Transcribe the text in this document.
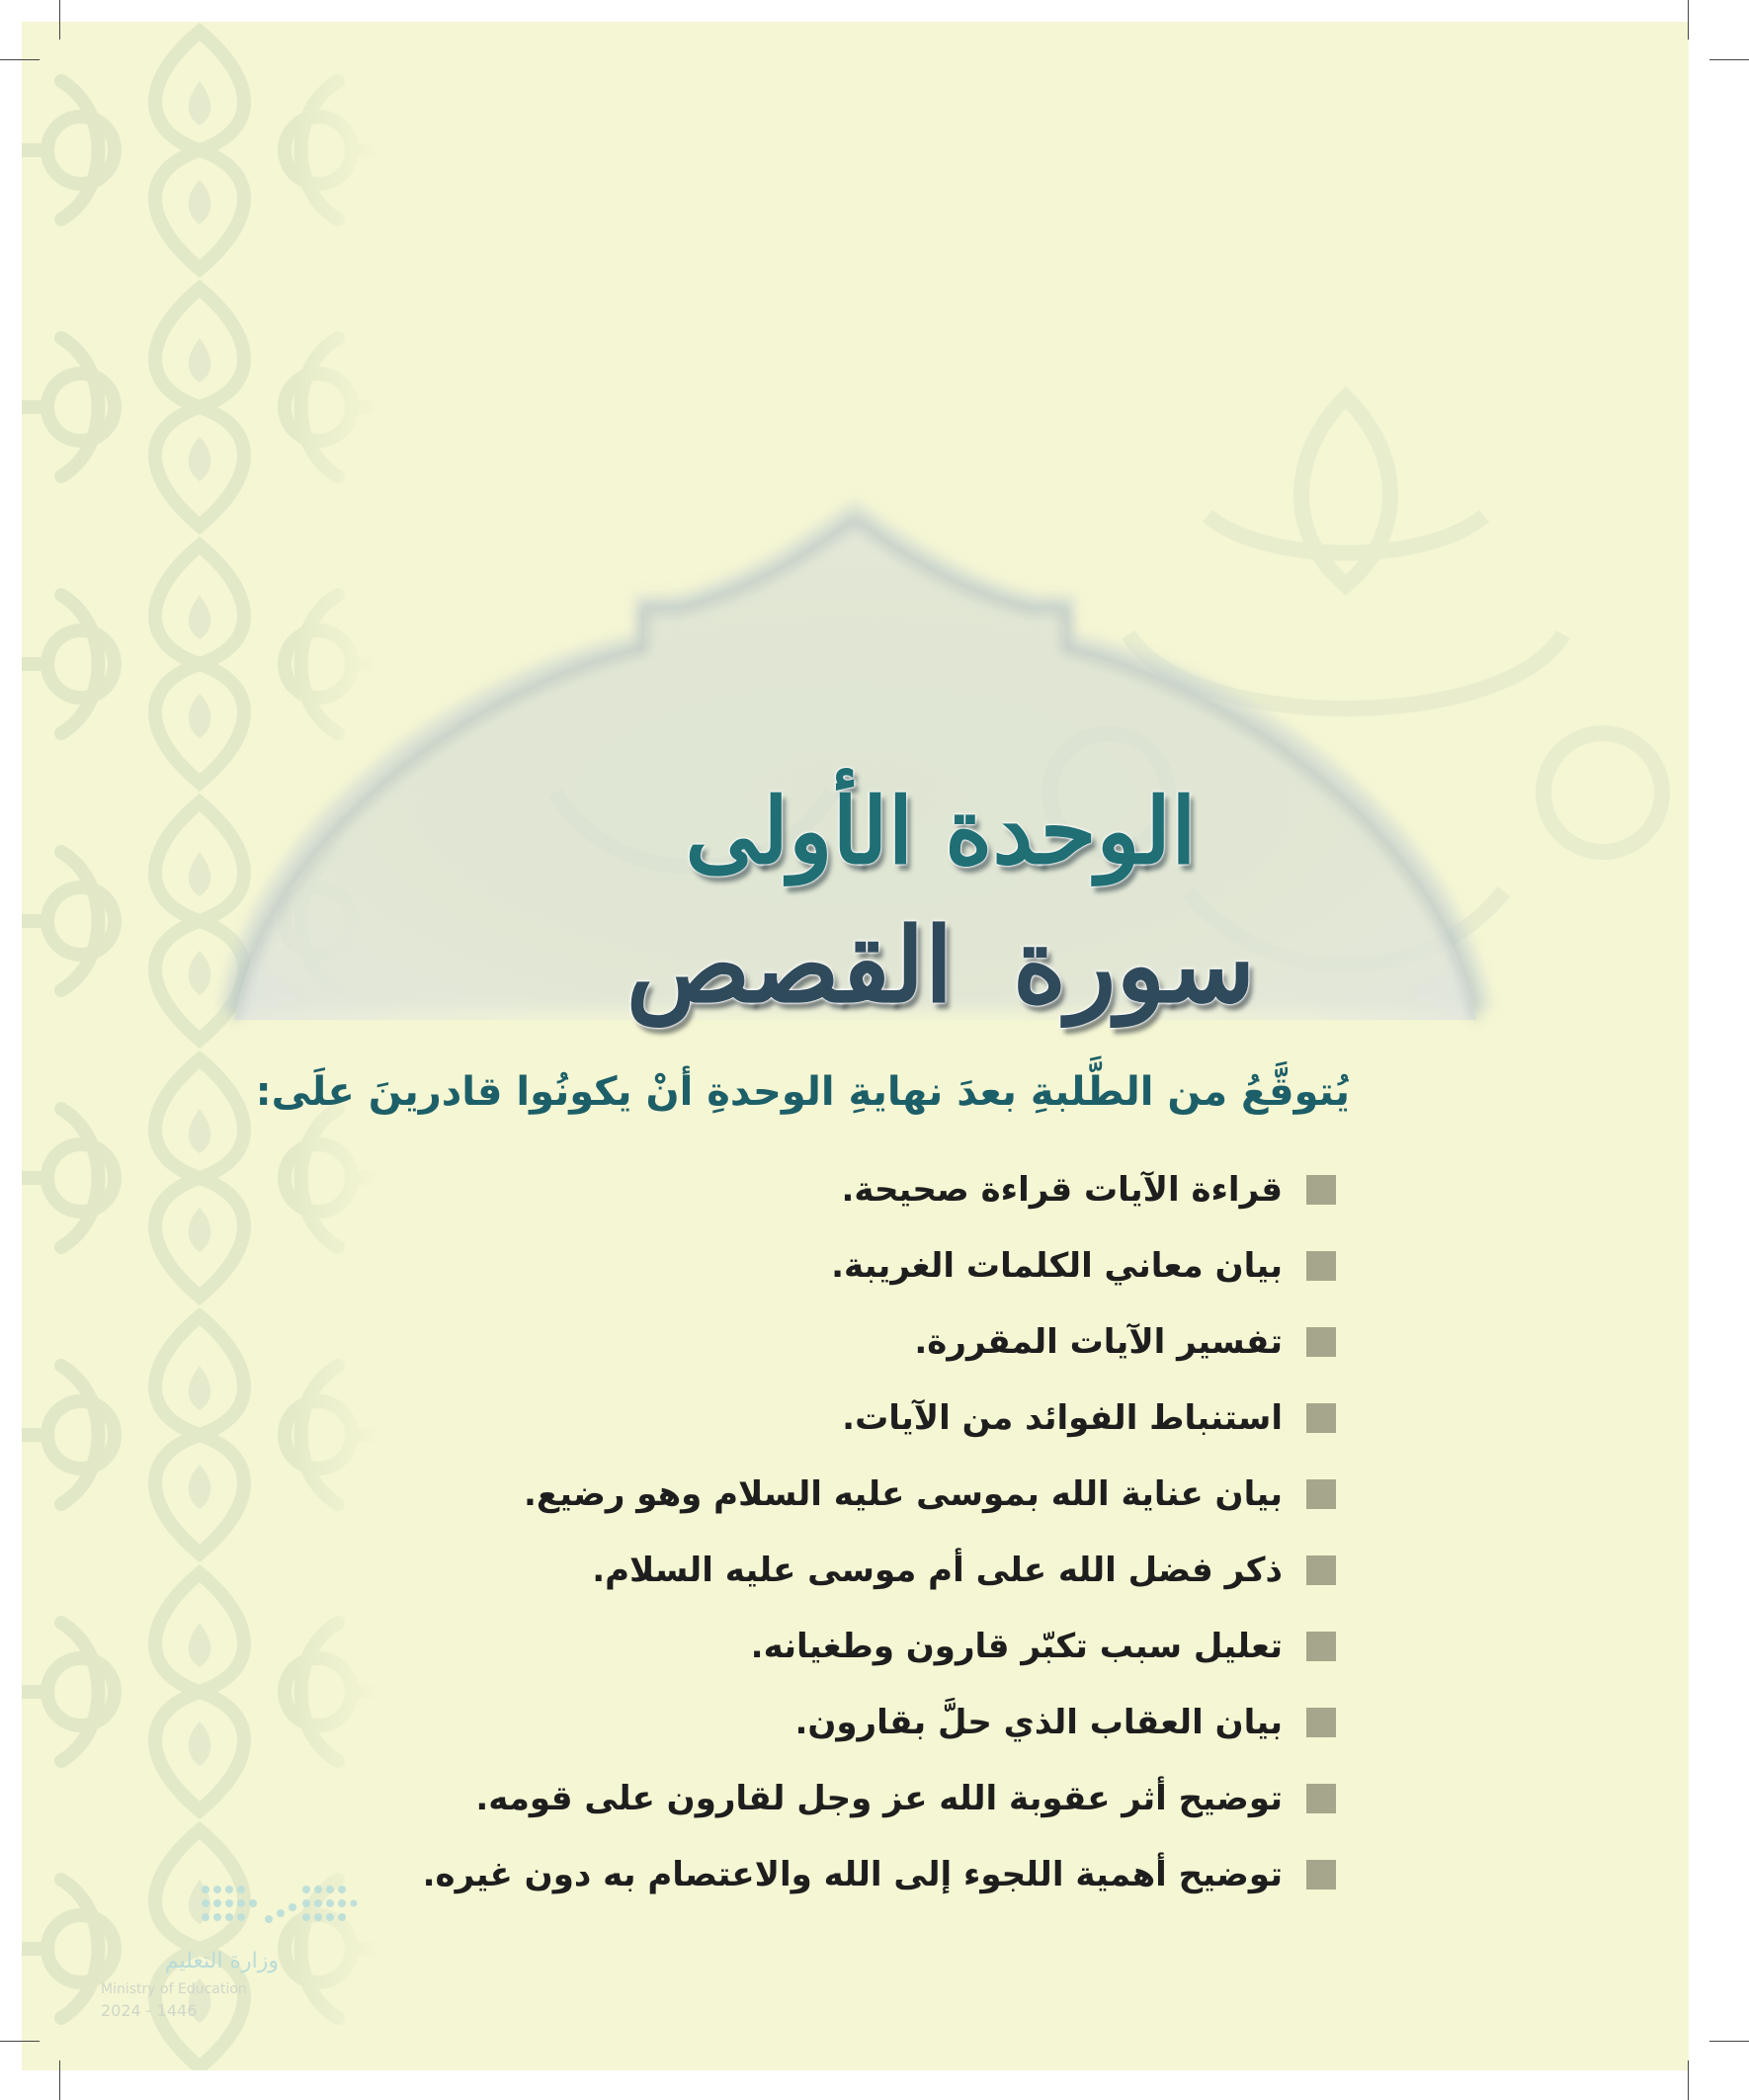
الوحدة الأولى
سورة القصص
يُتوقَّعُ من الطَّلبةِ بعدَ نهايةِ الوحدةِ أنْ يكونُوا قادرينَ علَى:
قراءة الآيات قراءة صحيحة.
بيان معاني الكلمات الغريبة.
تفسير الآيات المقررة.
استنباط الفوائد من الآيات.
بيان عناية الله بموسى عليه السلام وهو رضيع.
ذكر فضل الله على أم موسى عليه السلام.
تعليل سبب تكبّر قارون وطغيانه.
بيان العقاب الذي حلَّ بقارون.
توضيح أثر عقوبة الله عز وجل لقارون على قومه.
توضيح أهمية اللجوء إلى الله والاعتصام به دون غيره.
وزارة التعليم
Ministry of Education
2024 - 1446
